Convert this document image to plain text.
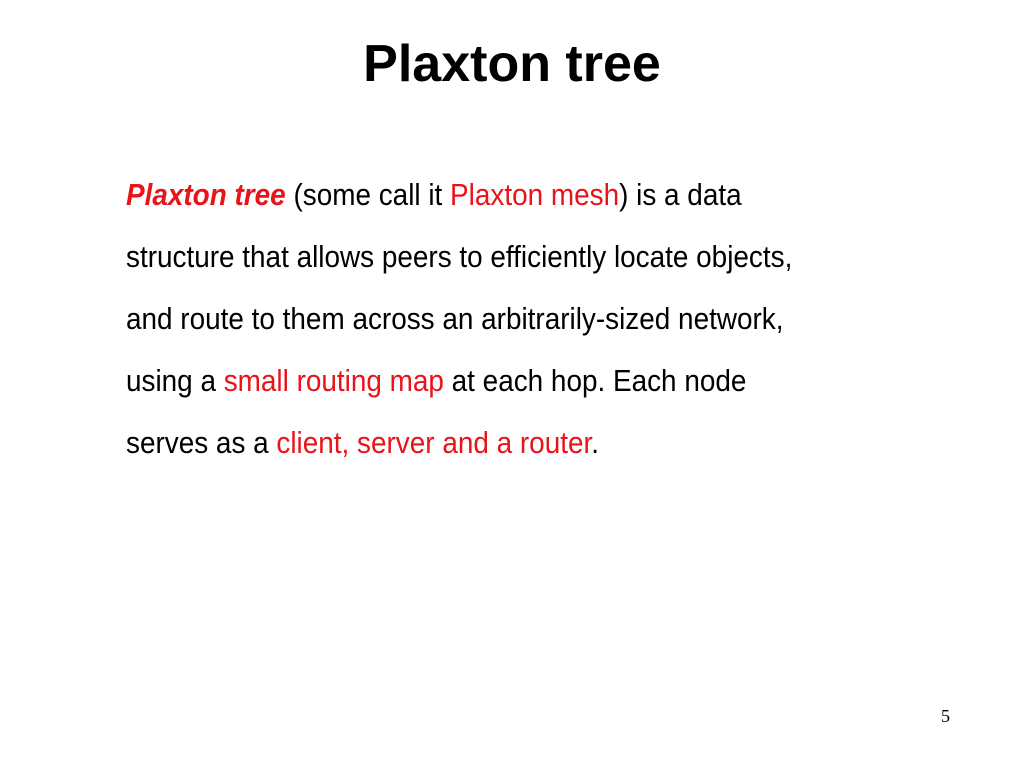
Plaxton tree
Plaxton tree (some call it Plaxton mesh) is a data
structure that allows peers to efficiently locate objects,
and route to them across an arbitrarily-sized network,
using a small routing map at each hop. Each node
serves as a client, server and a router.
5
